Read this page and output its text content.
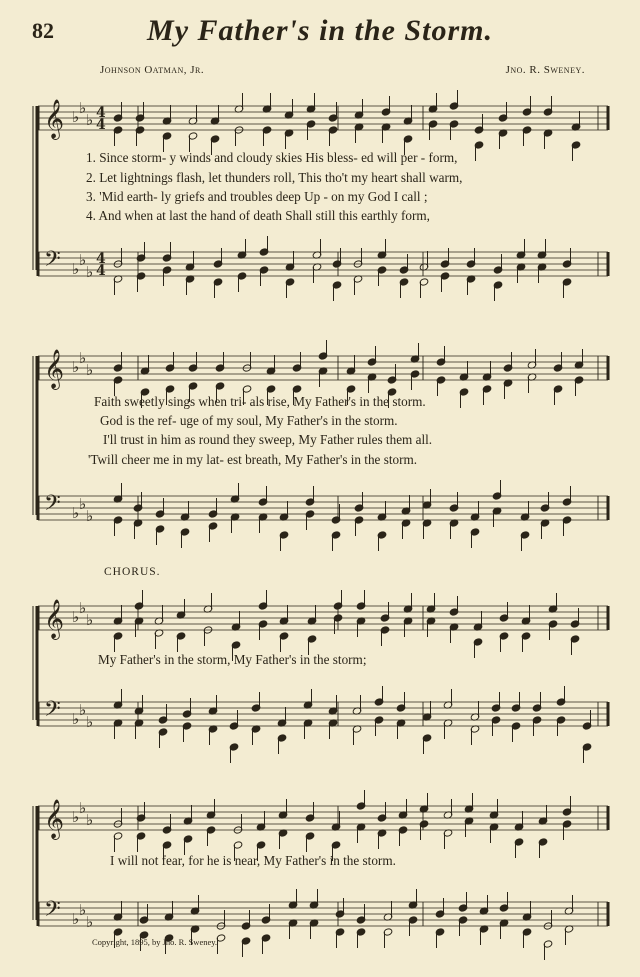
82	My Father's in the Storm.
Johnson Oatman, Jr.	Jno. R. Sweney.
𝄞 ♭ ♭
♭ 4
4
𝄢 ♭ ♭
♭
4
4
1. Since storm- y winds and cloudy skies His bless- ed will per - form,
2. Let lightnings flash, let thunders roll, This tho't my heart shall warm,
3. 'Mid earth- ly griefs and troubles deep Up - on my God I call ;
4. And when at last the hand of death Shall still this earthly form,
𝄞 ♭ ♭
♭
𝄢 ♭ ♭
♭
Faith sweetly sings when tri- als rise, My Father's in the storm.
God is the ref- uge of my soul, My Father's in the storm.
I'll trust in him as round they sweep, My Father rules them all.
'Twill cheer me in my lat- est breath, My Father's in the storm.
CHORUS.
𝄞 ♭ ♭
♭
𝄢 ♭ ♭
♭
My Father's in the storm, My Father's in the storm;
𝄞 ♭ ♭
♭
𝄢 ♭ ♭
♭
I will not fear, for he is near, My Father's in the storm.
Copyright, 1895, by Jno. R. Sweney.
